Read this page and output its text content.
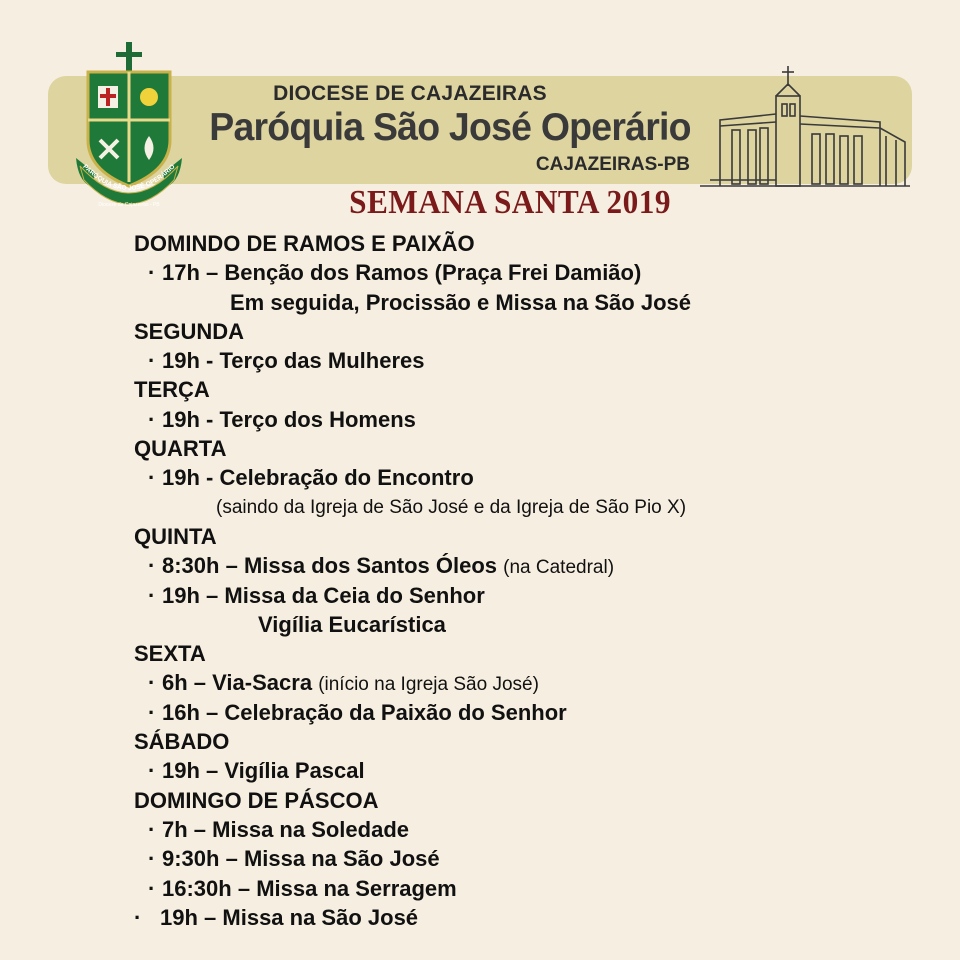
PARÓQUIA SÃO JOSÉ OPERÁRIO
Diocese de Cajazeiras - PB
DIOCESE DE CAJAZEIRAS
Paróquia São José Operário
CAJAZEIRAS-PB
SEMANA SANTA 2019
DOMINDO DE RAMOS E PAIXÃO
· 17h – Benção dos Ramos (Praça Frei Damião)
Em seguida, Procissão e Missa na São José
SEGUNDA
· 19h - Terço das Mulheres
TERÇA
· 19h - Terço dos Homens
QUARTA
· 19h - Celebração do Encontro
(saindo da Igreja de São José e da Igreja de São Pio X)
QUINTA
· 8:30h – Missa dos Santos Óleos (na Catedral)
· 19h – Missa da Ceia do Senhor
Vigília Eucarística
SEXTA
· 6h – Via-Sacra (início na Igreja São José)
· 16h – Celebração da Paixão do Senhor
SÁBADO
· 19h – Vigília Pascal
DOMINGO DE PÁSCOA
· 7h – Missa na Soledade
· 9:30h – Missa na São José
· 16:30h – Missa na Serragem
· 19h – Missa na São José
